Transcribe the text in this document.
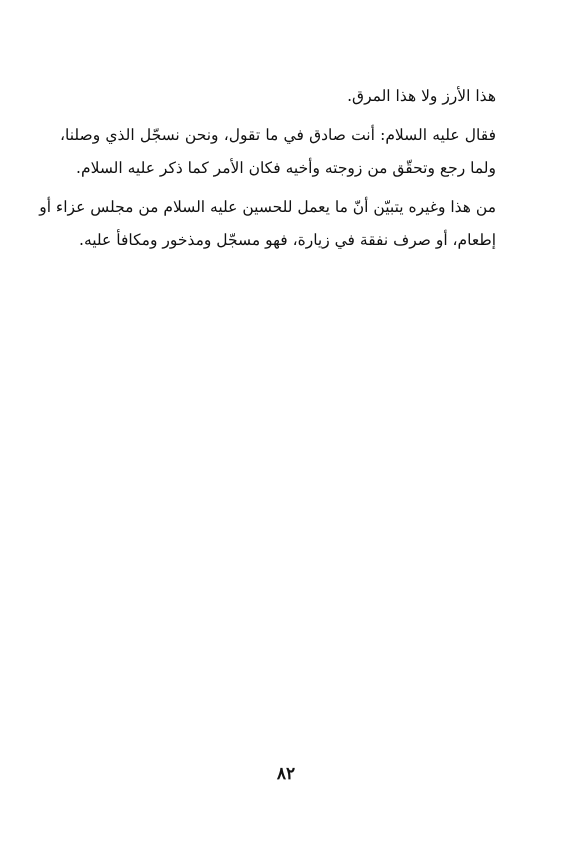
هذا الأرز ولا هذا المرق.

فقال عليه السلام: أنت صادق في ما تقول، ونحن نسجّل الذي وصلنا،
ولما رجع وتحقّق من زوجته وأخيه فكان الأمر كما ذكر عليه السلام.

من هذا وغيره يتبيّن أنّ ما يعمل للحسين عليه السلام من مجلس عزاء أو
إطعام، أو صرف نفقة في زيارة، فهو مسجّل ومذخور ومكافأ عليه.

٨٢
